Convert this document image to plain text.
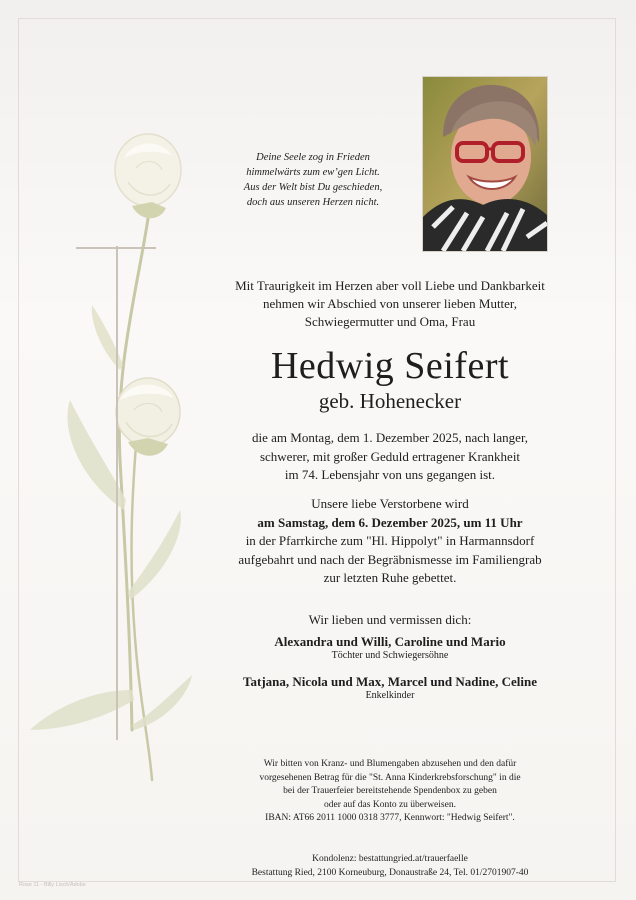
Deine Seele zog in Frieden
himmelwärts zum ew’gen Licht.
Aus der Welt bist Du geschieden,
doch aus unseren Herzen nicht.
Mit Traurigkeit im Herzen aber voll Liebe und Dankbarkeit
nehmen wir Abschied von unserer lieben Mutter,
Schwiegermutter und Oma, Frau
Hedwig Seifert
geb. Hohenecker
die am Montag, dem 1. Dezember 2025, nach langer,
schwerer, mit großer Geduld ertragener Krankheit
im 74. Lebensjahr von uns gegangen ist.
Unsere liebe Verstorbene wird
am Samstag, dem 6. Dezember 2025, um 11 Uhr
in der Pfarrkirche zum "Hl. Hippolyt" in Harmannsdorf
aufgebahrt und nach der Begräbnismesse im Familiengrab
zur letzten Ruhe gebettet.
Wir lieben und vermissen dich:
Alexandra und Willi, Caroline und Mario
Töchter und Schwiegersöhne
Tatjana, Nicola und Max, Marcel und Nadine, Celine
Enkelkinder
Wir bitten von Kranz- und Blumengaben abzusehen und den dafür
vorgesehenen Betrag für die "St. Anna Kinderkrebsforschung" in die
bei der Trauerfeier bereitstehende Spendenbox zu geben
oder auf das Konto zu überweisen.
IBAN: AT66 2011 1000 0318 3777, Kennwort: "Hedwig Seifert".
Kondolenz: bestattungried.at/trauerfaelle
Bestattung Ried, 2100 Korneuburg, Donaustraße 24, Tel. 01/2701907-40
Rose 11 - Billy Lisch/Adobe
